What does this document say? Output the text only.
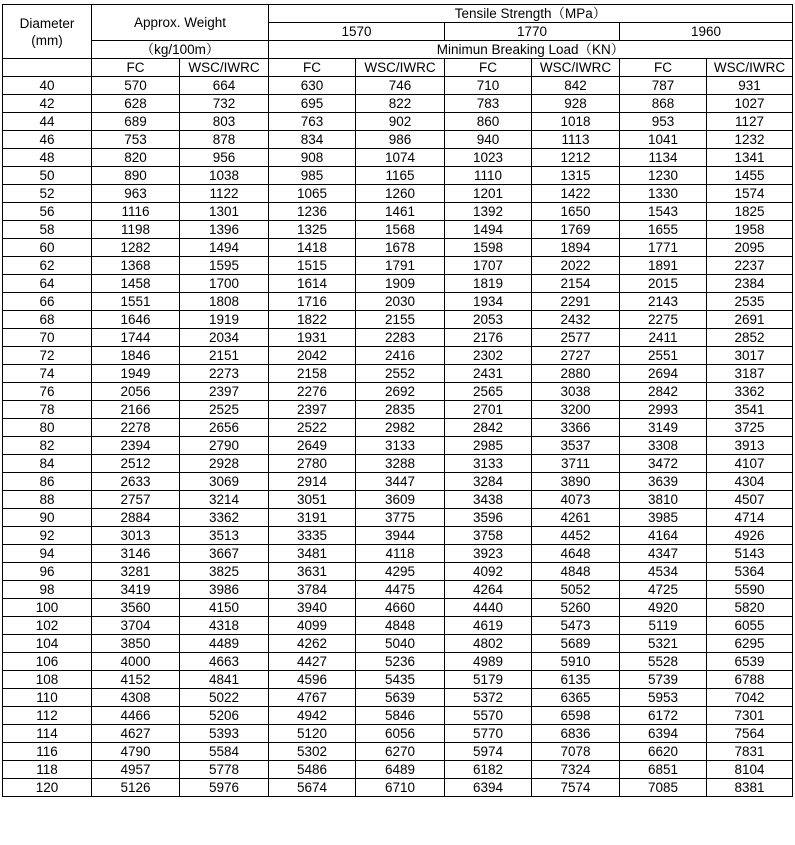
Diameter
(mm)	Approx. Weight		Tensile Strength（MPa）					
			1570		1770		1960	
	（kg/100m）		Minimun Breaking Load（KN）					
	FC	WSC/IWRC	FC	WSC/IWRC	FC	WSC/IWRC	FC	WSC/IWRC
40	570	664	630	746	710	842	787	931
42	628	732	695	822	783	928	868	1027
44	689	803	763	902	860	1018	953	1127
46	753	878	834	986	940	1113	1041	1232
48	820	956	908	1074	1023	1212	1134	1341
50	890	1038	985	1165	1110	1315	1230	1455
52	963	1122	1065	1260	1201	1422	1330	1574
56	1116	1301	1236	1461	1392	1650	1543	1825
58	1198	1396	1325	1568	1494	1769	1655	1958
60	1282	1494	1418	1678	1598	1894	1771	2095
62	1368	1595	1515	1791	1707	2022	1891	2237
64	1458	1700	1614	1909	1819	2154	2015	2384
66	1551	1808	1716	2030	1934	2291	2143	2535
68	1646	1919	1822	2155	2053	2432	2275	2691
70	1744	2034	1931	2283	2176	2577	2411	2852
72	1846	2151	2042	2416	2302	2727	2551	3017
74	1949	2273	2158	2552	2431	2880	2694	3187
76	2056	2397	2276	2692	2565	3038	2842	3362
78	2166	2525	2397	2835	2701	3200	2993	3541
80	2278	2656	2522	2982	2842	3366	3149	3725
82	2394	2790	2649	3133	2985	3537	3308	3913
84	2512	2928	2780	3288	3133	3711	3472	4107
86	2633	3069	2914	3447	3284	3890	3639	4304
88	2757	3214	3051	3609	3438	4073	3810	4507
90	2884	3362	3191	3775	3596	4261	3985	4714
92	3013	3513	3335	3944	3758	4452	4164	4926
94	3146	3667	3481	4118	3923	4648	4347	5143
96	3281	3825	3631	4295	4092	4848	4534	5364
98	3419	3986	3784	4475	4264	5052	4725	5590
100	3560	4150	3940	4660	4440	5260	4920	5820
102	3704	4318	4099	4848	4619	5473	5119	6055
104	3850	4489	4262	5040	4802	5689	5321	6295
106	4000	4663	4427	5236	4989	5910	5528	6539
108	4152	4841	4596	5435	5179	6135	5739	6788
110	4308	5022	4767	5639	5372	6365	5953	7042
112	4466	5206	4942	5846	5570	6598	6172	7301
114	4627	5393	5120	6056	5770	6836	6394	7564
116	4790	5584	5302	6270	5974	7078	6620	7831
118	4957	5778	5486	6489	6182	7324	6851	8104
120	5126	5976	5674	6710	6394	7574	7085	8381
